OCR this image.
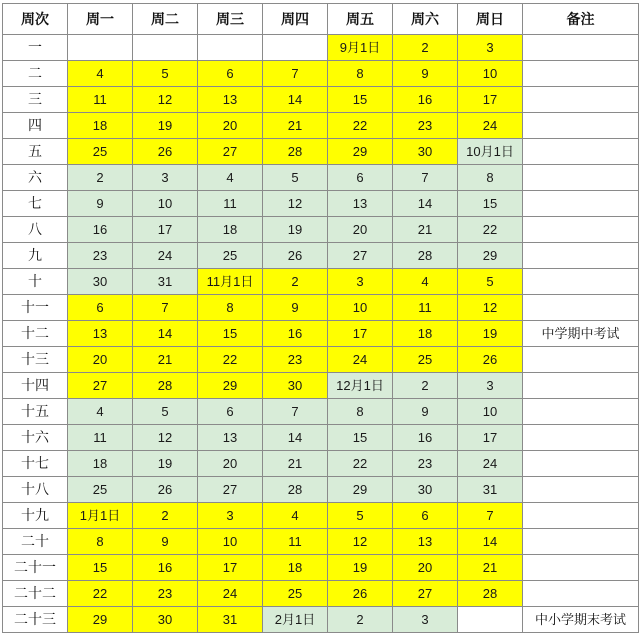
周次	周一	周二	周三	周四	周五	周六	周日	备注
一					9月1日	2	3	
二	4	5	6	7	8	9	10	
三	11	12	13	14	15	16	17	
四	18	19	20	21	22	23	24	
五	25	26	27	28	29	30	10月1日	
六	2	3	4	5	6	7	8	
七	9	10	11	12	13	14	15	
八	16	17	18	19	20	21	22	
九	23	24	25	26	27	28	29	
十	30	31	11月1日	2	3	4	5	
十一	6	7	8	9	10	11	12	
十二	13	14	15	16	17	18	19	中学期中考试
十三	20	21	22	23	24	25	26	
十四	27	28	29	30	12月1日	2	3	
十五	4	5	6	7	8	9	10	
十六	11	12	13	14	15	16	17	
十七	18	19	20	21	22	23	24	
十八	25	26	27	28	29	30	31	
十九	1月1日	2	3	4	5	6	7	
二十	8	9	10	11	12	13	14	
二十一	15	16	17	18	19	20	21	
二十二	22	23	24	25	26	27	28	
二十三	29	30	31	2月1日	2	3		中小学期末考试
